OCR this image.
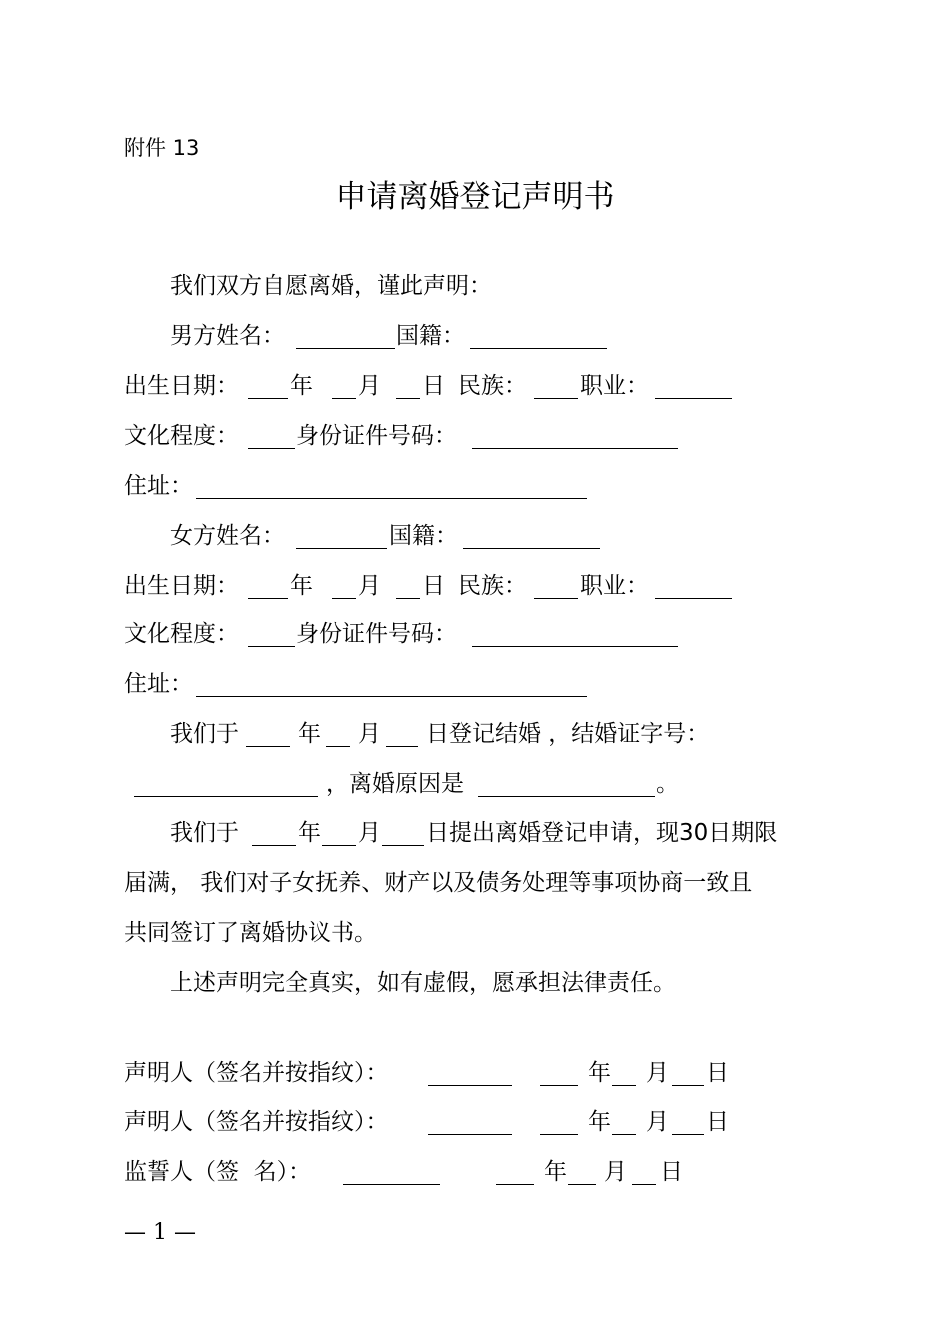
附件 13
申请离婚登记声明书
我们双方自愿离婚，谨此声明：
男方姓名：	国籍：
出生日期： 年 月 日 民族： 职业：
文化程度： 身份证件号码：
住址：
女方姓名：	国籍：
出生日期： 年 月 日 民族： 职业：
文化程度： 身份证件号码：
住址：
我们于	年 月 日登记结婚 ，结婚证字号：
，离婚原因是	。
我们于	年 月 日提出离婚登记申请，现30日期限
届满， 我们对子女抚养、财产以及债务处理等事项协商一致且
共同签订了离婚协议书。
上述声明完全真实，如有虚假，愿承担法律责任。
声明人（签名并按指纹）：	年 月 日
声明人（签名并按指纹）：	年 月 日
监誓人（签  名）：	年 月 日
— 1 —
